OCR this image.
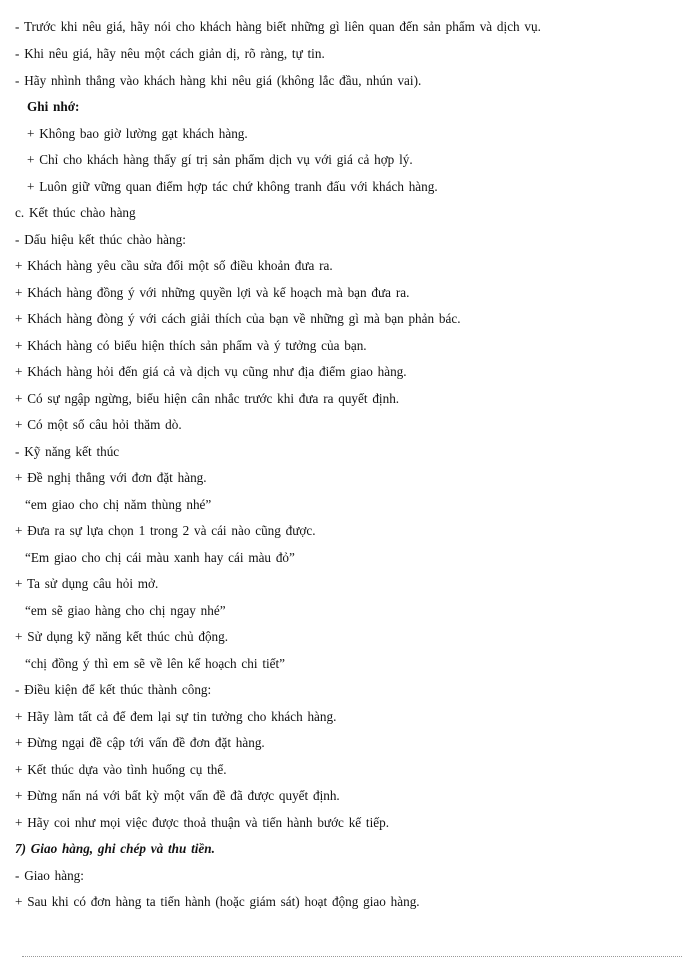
- Trước khi nêu giá, hãy nói cho khách hàng biết những gì liên quan đến sản phẩm và dịch vụ.
- Khi nêu giá, hãy nêu một cách giản dị, rõ ràng, tự tin.
- Hãy nhình thẳng vào khách hàng khi nêu giá (không lắc đầu, nhún vai).
Ghi nhớ:
+ Không bao giờ lường gạt khách hàng.
+ Chỉ cho khách hàng thấy gí trị sản phẩm dịch vụ với giá cả hợp lý.
+ Luôn giữ vững quan điểm hợp tác chứ không tranh đấu với khách hàng.
c. Kết thúc chào hàng
- Dấu hiệu kết thúc chào hàng:
+ Khách hàng yêu cầu sửa đổi một số điều khoản đưa ra.
+ Khách hàng đồng ý với những quyền lợi và kế hoạch mà bạn đưa ra.
+ Khách hàng đòng ý với cách giải thích của bạn về những gì mà bạn phản bác.
+ Khách hàng có biểu hiện thích sản phẩm và ý tưởng của bạn.
+ Khách hàng hỏi đến giá cả và dịch vụ cũng như địa điểm giao hàng.
+ Có sự ngập ngừng, biểu hiện cân nhắc trước khi đưa ra quyết định.
+ Có một số câu hỏi thăm dò.
- Kỹ năng kết thúc
+ Đề nghị thẳng với đơn đặt hàng.
“em giao cho chị năm thùng nhé”
+ Đưa ra sự lựa chọn 1 trong 2 và cái nào cũng được.
“Em giao cho chị cái màu xanh hay cái màu đỏ”
+ Ta sử dụng câu hỏi mở.
“em sẽ giao hàng cho chị ngay nhé”
+ Sử dụng kỹ năng kết thúc chủ động.
“chị đồng ý thì em sẽ về lên kế hoạch chi tiết”
- Điều kiện để kết thúc thành công:
+ Hãy làm tất cả để đem lại sự tin tưởng cho khách hàng.
+ Đừng ngại đề cập tới vấn đề đơn đặt hàng.
+ Kết thúc dựa vào tình huống cụ thể.
+ Đừng nấn ná với bất kỳ một vấn đề đã được quyết định.
+ Hãy coi như mọi việc được thoả thuận và tiến hành bước kế tiếp.
7) Giao hàng, ghi chép và thu tiền.
- Giao hàng:
+ Sau khi có đơn hàng ta tiến hành (hoặc giám sát) hoạt động giao hàng.
